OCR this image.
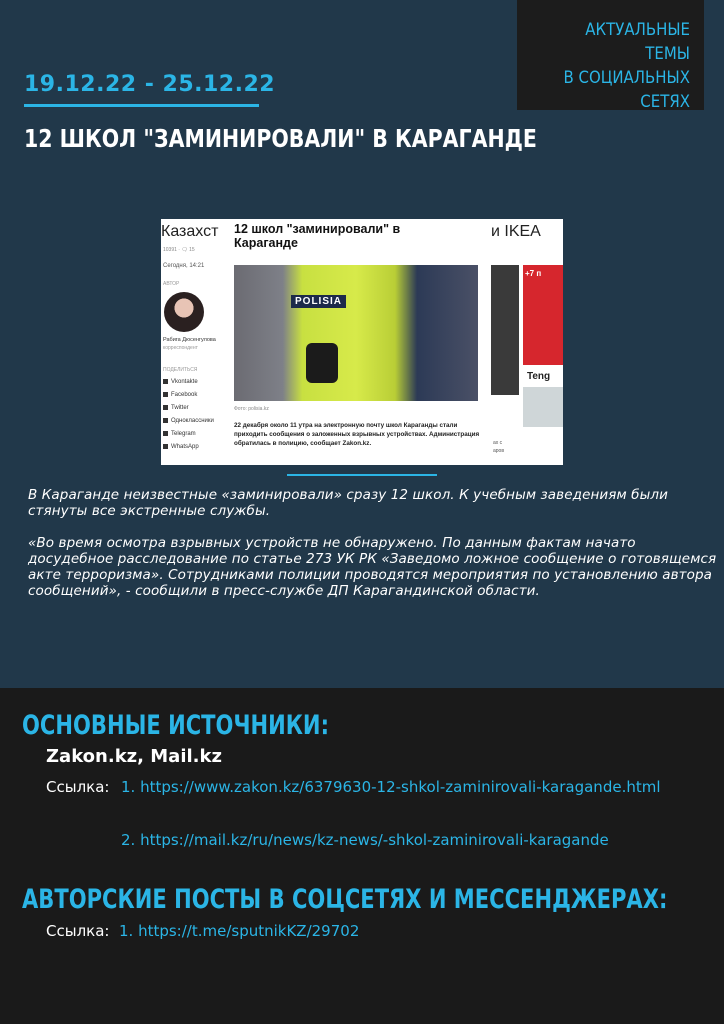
АКТУАЛЬНЫЕ ТЕМЫ
В СОЦИАЛЬНЫХ
СЕТЯХ
19.12.22 - 25.12.22
12 ШКОЛ "ЗАМИНИРОВАЛИ" В КАРАГАНДЕ
Казахст	и IKEA
10391 · 🗨 15
Сегодня, 14:21
АВТОР
Рабига Дюсенгулова
корреспондент
ПОДЕЛИТЬСЯ
Vkontakte
Facebook
Twitter
Одноклассники
Telegram
WhatsApp
POLISIA
12 школ "заминировали" в Караганде
Фото: polisia.kz
22 декабря около 11 утра на электронную почту школ Караганды стали приходить сообщения о заложенных взрывных устройствах. Администрация обратилась в полицию, сообщает Zakon.kz.
+7 п
Teng
ах с
аров
В Караганде неизвестные «заминировали» сразу 12 школ. К учебным заведениям были стянуты все экстренные службы.
«Во время осмотра взрывных устройств не обнаружено. По данным фактам начато досудебное расследование по статье 273 УК РК «Заведомо ложное сообщение о готовящемся акте терроризма». Сотрудниками полиции проводятся мероприятия по установлению автора сообщений», - сообщили в пресс-службе ДП Карагандинской области.
ОСНОВНЫЕ ИСТОЧНИКИ:
Zakon.kz, Mail.kz
Ссылка: 1. https://www.zakon.kz/6379630-12-shkol-zaminirovali-karagande.html
2. https://mail.kz/ru/news/kz-news/-shkol-zaminirovali-karagande
АВТОРСКИЕ ПОСТЫ В СОЦСЕТЯХ И МЕССЕНДЖЕРАХ:
Ссылка: 1. https://t.me/sputnikKZ/29702
